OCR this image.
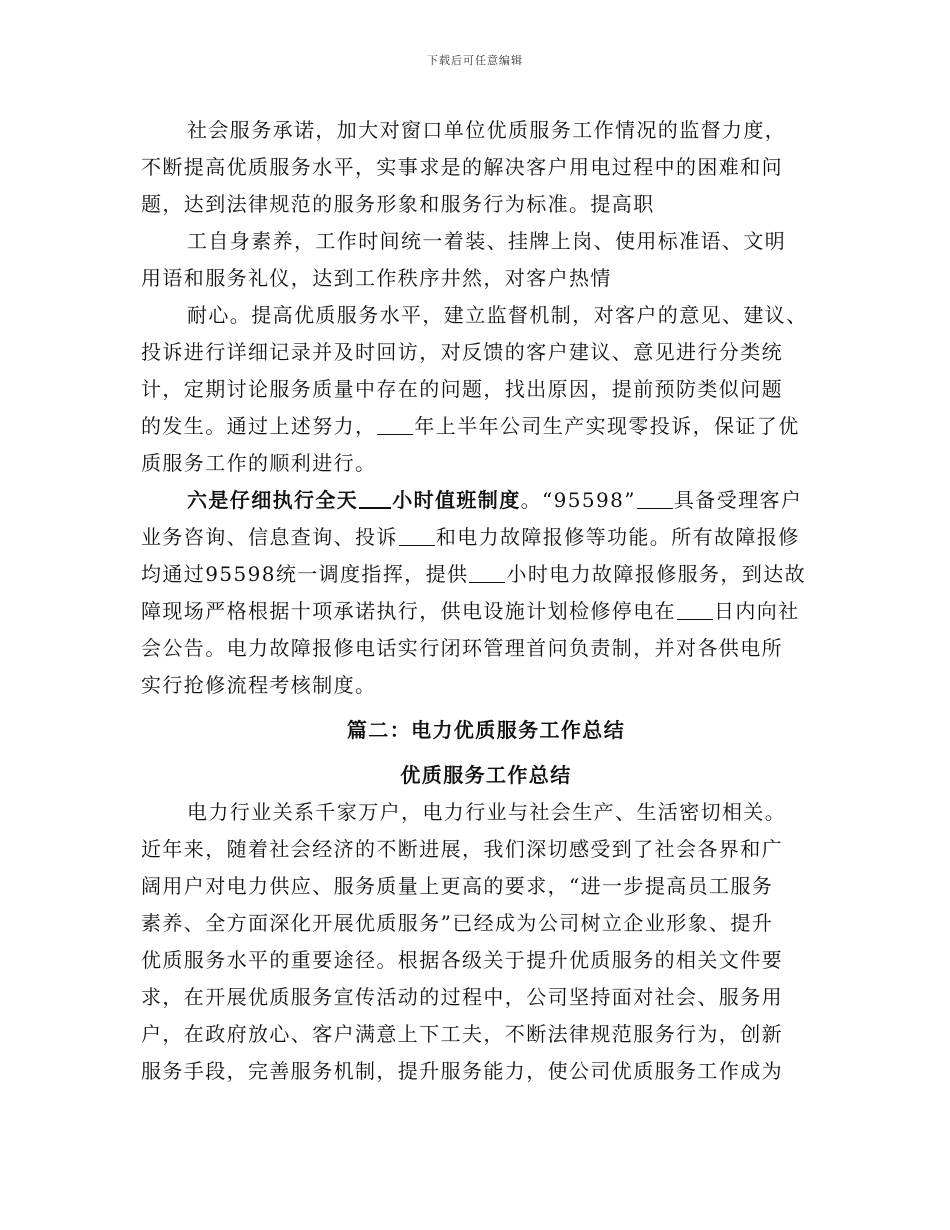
下载后可任意编辑
社会服务承诺，加大对窗口单位优质服务工作情况的监督力度，
不断提高优质服务水平，实事求是的解决客户用电过程中的困难和问
题，达到法律规范的服务形象和服务行为标准。提高职
工自身素养，工作时间统一着装、挂牌上岗、使用标准语、文明
用语和服务礼仪，达到工作秩序井然，对客户热情
耐心。提高优质服务水平，建立监督机制，对客户的意见、建议、
投诉进行详细记录并及时回访，对反馈的客户建议、意见进行分类统
计，定期讨论服务质量中存在的问题，找出原因，提前预防类似问题
的发生。通过上述努力， 年上半年公司生产实现零投诉，保证了优
质服务工作的顺利进行。
六是仔细执行全天 小时值班制度。“95598” 具备受理客户
业务咨询、信息查询、投诉 和电力故障报修等功能。所有故障报修
均通过95598统一调度指挥，提供 小时电力故障报修服务，到达故
障现场严格根据十项承诺执行，供电设施计划检修停电在 日内向社
会公告。电力故障报修电话实行闭环管理首问负责制，并对各供电所
实行抢修流程考核制度。
篇二：电力优质服务工作总结
优质服务工作总结
电力行业关系千家万户，电力行业与社会生产、生活密切相关。
近年来，随着社会经济的不断进展，我们深切感受到了社会各界和广
阔用户对电力供应、服务质量上更高的要求，“进一步提高员工服务
素养、全方面深化开展优质服务”已经成为公司树立企业形象、提升
优质服务水平的重要途径。根据各级关于提升优质服务的相关文件要
求，在开展优质服务宣传活动的过程中，公司坚持面对社会、服务用
户，在政府放心、客户满意上下工夫，不断法律规范服务行为，创新
服务手段，完善服务机制，提升服务能力，使公司优质服务工作成为
